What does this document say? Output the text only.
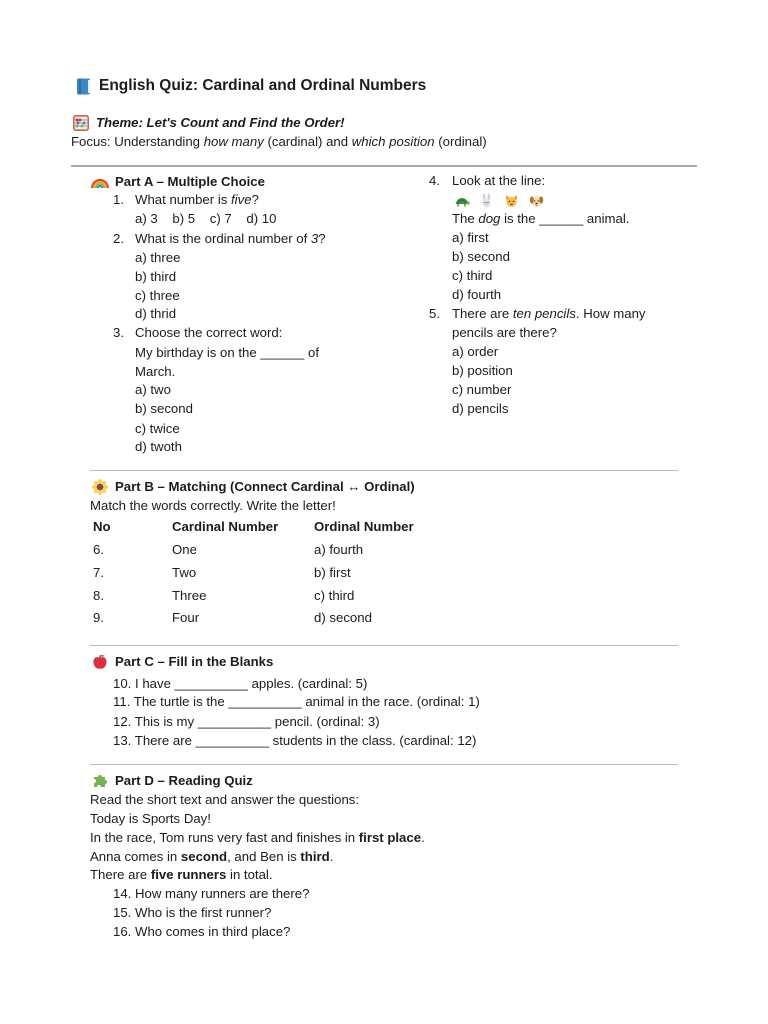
English Quiz: Cardinal and Ordinal Numbers
Theme: Let's Count and Find the Order!
Focus: Understanding how many (cardinal) and which position (ordinal)
Part A – Multiple Choice
1. What number is five?
a) 3    b) 5    c) 7    d) 10
2. What is the ordinal number of 3?
a) three
b) third
c) three
d) thrid
3. Choose the correct word:
My birthday is on the ______ of
March.
a) two
b) second
c) twice
d) twoth
4. Look at the line:
The dog is the ______ animal.
a) first
b) second
c) third
d) fourth
5. There are ten pencils. How many
pencils are there?
a) order
b) position
c) number
d) pencils
Part B – Matching (Connect Cardinal ↔ Ordinal)
Match the words correctly. Write the letter!
No	Cardinal Number	Ordinal Number
6.	One	a) fourth
7.	Two	b) first
8.	Three	c) third
9.	Four	d) second
Part C – Fill in the Blanks
10. I have __________ apples. (cardinal: 5)
11. The turtle is the __________ animal in the race. (ordinal: 1)
12. This is my __________ pencil. (ordinal: 3)
13. There are __________ students in the class. (cardinal: 12)
Part D – Reading Quiz
Read the short text and answer the questions:
Today is Sports Day!
In the race, Tom runs very fast and finishes in first place.
Anna comes in second, and Ben is third.
There are five runners in total.
14. How many runners are there?
15. Who is the first runner?
16. Who comes in third place?
